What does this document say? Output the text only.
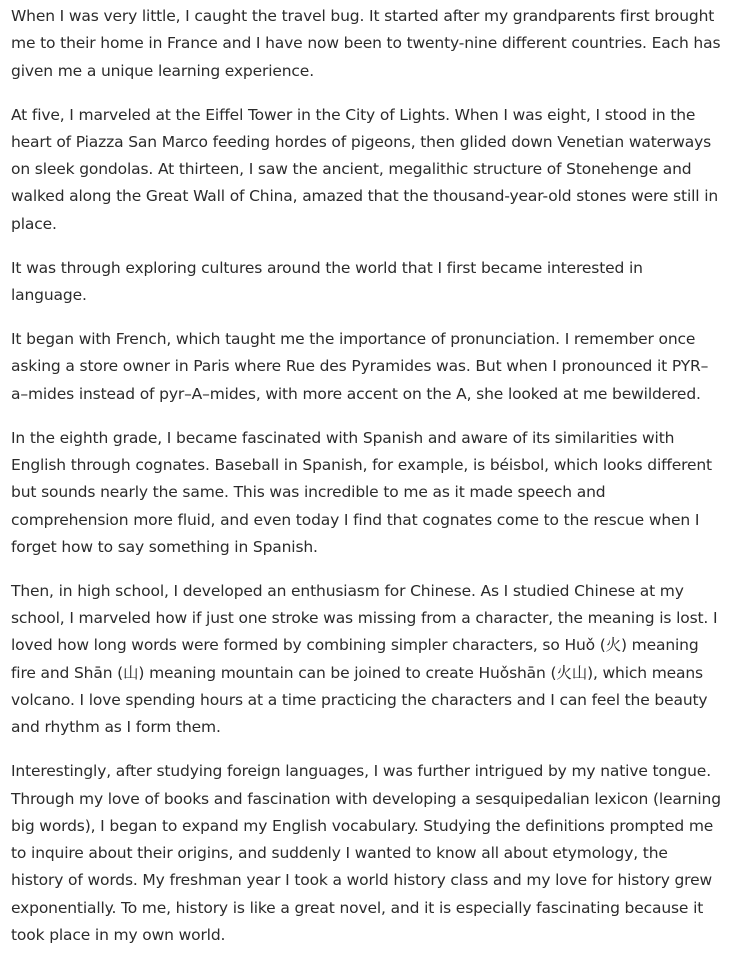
When I was very little, I caught the travel bug. It started after my grandparents first brought me to their home in France and I have now been to twenty-nine different countries. Each has given me a unique learning experience.

At five, I marveled at the Eiffel Tower in the City of Lights. When I was eight, I stood in the heart of Piazza San Marco feeding hordes of pigeons, then glided down Venetian waterways on sleek gondolas. At thirteen, I saw the ancient, megalithic structure of Stonehenge and walked along the Great Wall of China, amazed that the thousand-year-old stones were still in place.

It was through exploring cultures around the world that I first became interested in language.

It began with French, which taught me the importance of pronunciation. I remember once asking a store owner in Paris where Rue des Pyramides was. But when I pronounced it PYR–a–mides instead of pyr–A–mides, with more accent on the A, she looked at me bewildered.

In the eighth grade, I became fascinated with Spanish and aware of its similarities with English through cognates. Baseball in Spanish, for example, is béisbol, which looks different but sounds nearly the same. This was incredible to me as it made speech and comprehension more fluid, and even today I find that cognates come to the rescue when I forget how to say something in Spanish.

Then, in high school, I developed an enthusiasm for Chinese. As I studied Chinese at my school, I marveled how if just one stroke was missing from a character, the meaning is lost. I loved how long words were formed by combining simpler characters, so Huǒ (火) meaning fire and Shān (山) meaning mountain can be joined to create Huǒshān (火山), which means volcano. I love spending hours at a time practicing the characters and I can feel the beauty and rhythm as I form them.

Interestingly, after studying foreign languages, I was further intrigued by my native tongue. Through my love of books and fascination with developing a sesquipedalian lexicon (learning big words), I began to expand my English vocabulary. Studying the definitions prompted me to inquire about their origins, and suddenly I wanted to know all about etymology, the history of words. My freshman year I took a world history class and my love for history grew exponentially. To me, history is like a great novel, and it is especially fascinating because it took place in my own world.
